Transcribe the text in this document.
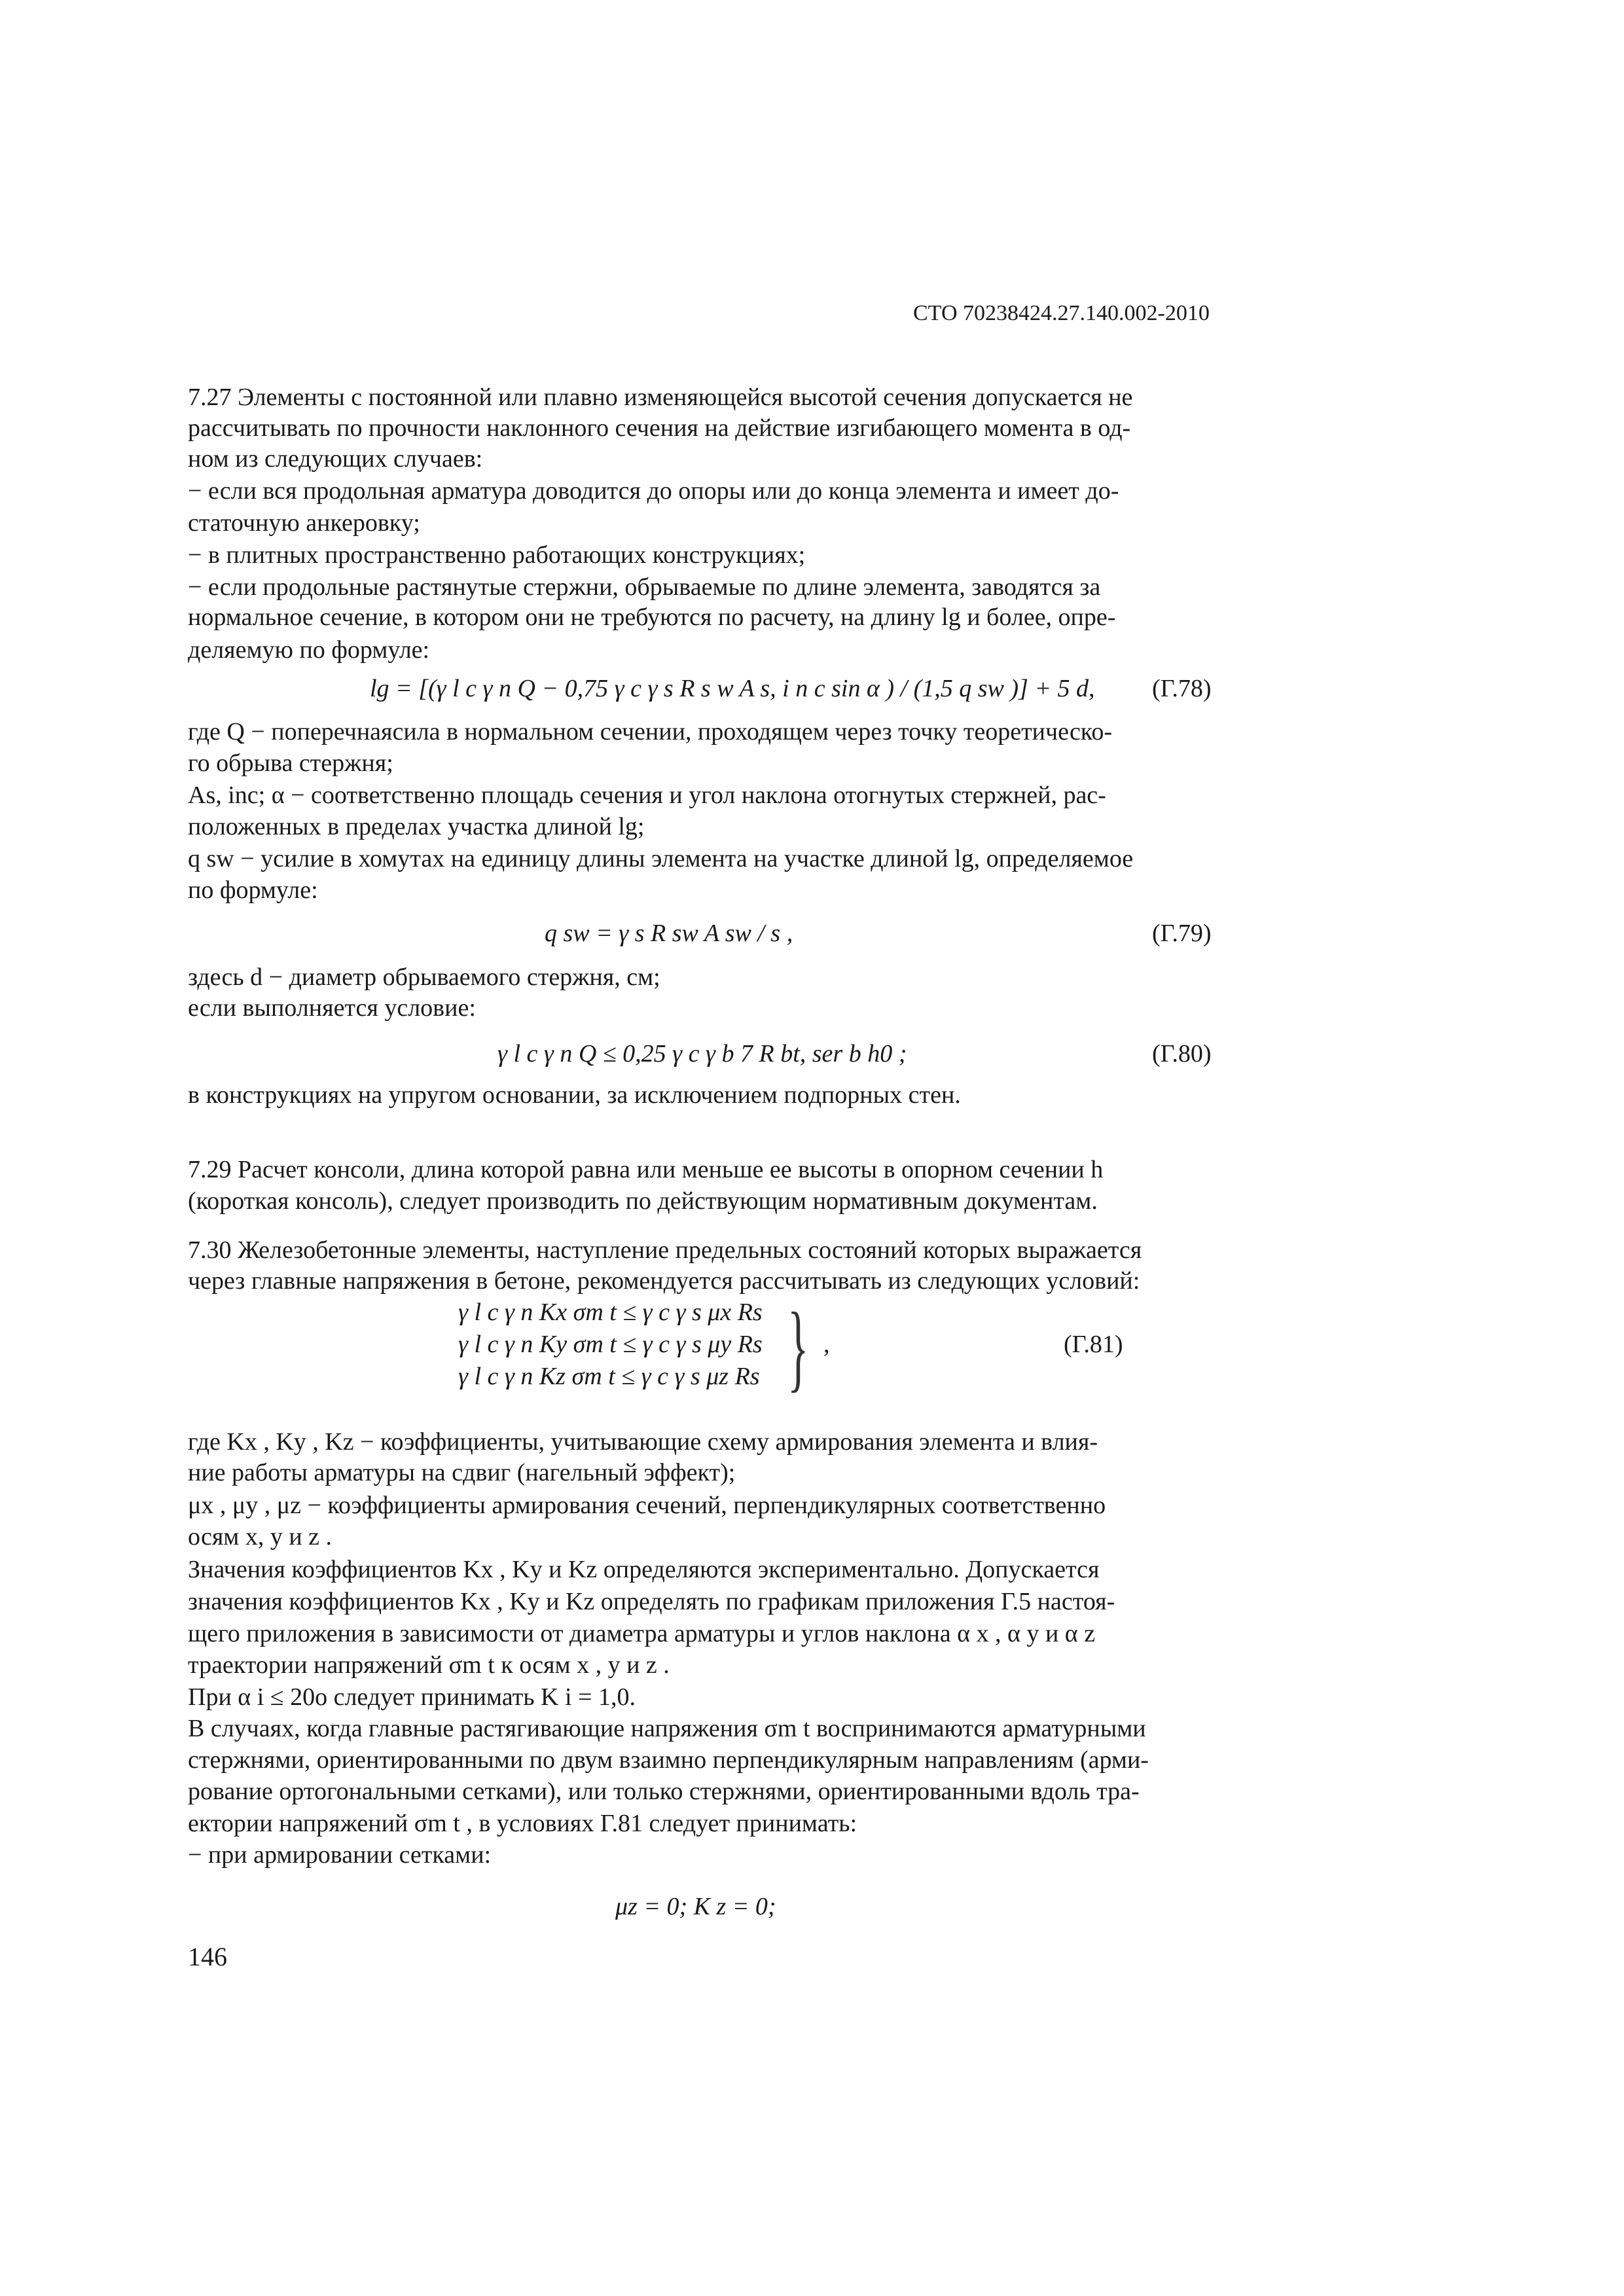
СТО 70238424.27.140.002-2010
7.27 Элементы с постоянной или плавно изменяющейся высотой сечения допускается не
рассчитывать по прочности наклонного сечения на действие изгибающего момента в од-
ном из следующих случаев:
− если вся продольная арматура доводится до опоры или до конца элемента и имеет до-
статочную анкеровку;
− в плитных пространственно работающих конструкциях;
− если продольные растянутые стержни, обрываемые по длине элемента, заводятся за
нормальное сечение, в котором они не требуются по расчету, на длину lg и более, опре-
деляемую по формуле:
lg = [(γ l c γ n Q − 0,75 γ c γ s R s w A s, i n c sin α ) / (1,5 q sw )] + 5 d, (Г.78)
где Q − поперечнаясила в нормальном сечении, проходящем через точку теоретическо-
го обрыва стержня;
As, inc; α − соответственно площадь сечения и угол наклона отогнутых стержней, рас-
положенных в пределах участка длиной lg;
q sw − усилие в хомутах на единицу длины элемента на участке длиной lg, определяемое
по формуле:
q sw = γ s R sw A sw / s ,	(Г.79)
здесь d − диаметр обрываемого стержня, см;
если выполняется условие:
γ l c γ n Q ≤ 0,25 γ c γ b 7 R bt, ser b h0 ;	(Г.80)
в конструкциях на упругом основании, за исключением подпорных стен.
7.29 Расчет консоли, длина которой равна или меньше ее высоты в опорном сечении h
(короткая консоль), следует производить по действующим нормативным документам.
7.30 Железобетонные элементы, наступление предельных состояний которых выражается
через главные напряжения в бетоне, рекомендуется рассчитывать из следующих условий:
γ l c γ n Kx σm t ≤ γ c γ s μx Rs
γ l c γ n Ky σm t ≤ γ c γ s μy Rs
γ l c γ n Kz σm t ≤ γ c γ s μz Rs } ,	(Г.81)
где Kx , Ky , Kz − коэффициенты, учитывающие схему армирования элемента и влия-
ние работы арматуры на сдвиг (нагельный эффект);
μx , μy , μz − коэффициенты армирования сечений, перпендикулярных соответственно
осям x, y и z .
Значения коэффициентов Kx , Ky и Kz определяются экспериментально. Допускается
значения коэффициентов Kx , Ky и Kz определять по графикам приложения Г.5 настоя-
щего приложения в зависимости от диаметра арматуры и углов наклона α x , α y и α z
траектории напряжений σm t к осям x , y и z .
При α i ≤ 20o следует принимать K i = 1,0.
В случаях, когда главные растягивающие напряжения σm t воспринимаются арматурными
стержнями, ориентированными по двум взаимно перпендикулярным направлениям (арми-
рование ортогональными сетками), или только стержнями, ориентированными вдоль тра-
ектории напряжений σm t , в условиях Г.81 следует принимать:
− при армировании сетками:
μz = 0; K z = 0;
146
